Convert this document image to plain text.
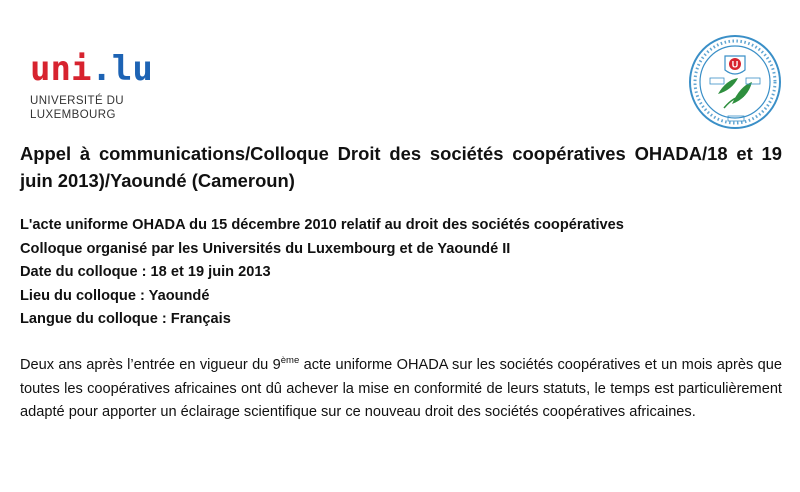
uni.lu
UNIVERSITÉ DU
LUXEMBOURG
U
Appel à communications/Colloque Droit des sociétés coopératives OHADA/18 et 19 juin 2013)/Yaoundé (Cameroun)
L'acte uniforme OHADA du 15 décembre 2010 relatif au droit des sociétés coopératives
Colloque organisé par les Universités du Luxembourg et de Yaoundé II
Date du colloque : 18 et 19 juin 2013
Lieu du colloque : Yaoundé
Langue du colloque : Français
Deux ans après l’entrée en vigueur du 9ème acte uniforme OHADA sur les sociétés coopératives et un mois après que toutes les coopératives africaines ont dû achever la mise en conformité de leurs statuts, le temps est particulièrement adapté pour apporter un éclairage scientifique sur ce nouveau droit des sociétés coopératives africaines.
